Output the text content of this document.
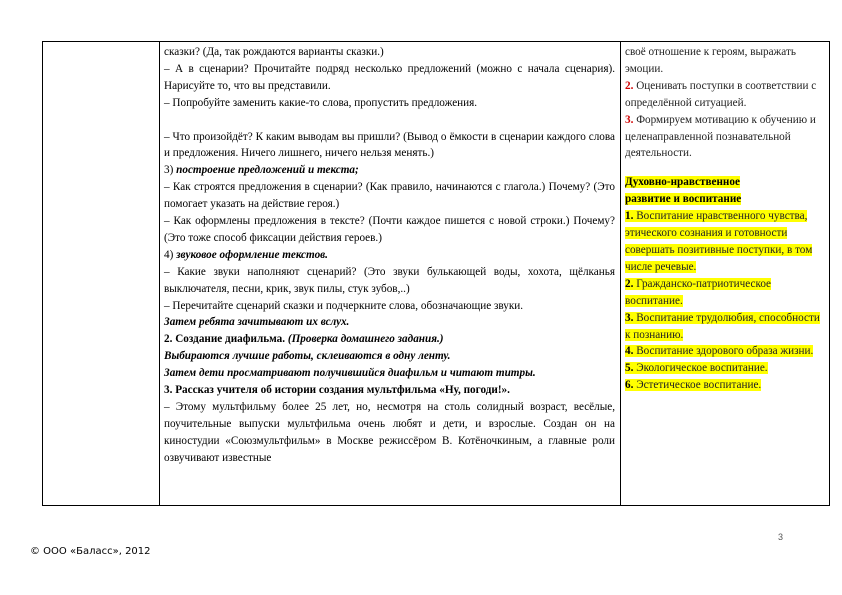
сказки? (Да, так рождаются варианты сказки.)

– А в сценарии? Прочитайте подряд несколько предложений (можно с начала сценария). Нарисуйте то, что вы представили.

– Попробуйте заменить какие-то слова, пропустить предложения.

– Что произойдёт? К каким выводам вы пришли? (Вывод о ёмкости в сценарии каждого слова и предложения. Ничего лишнего, ничего нельзя менять.)

3) построение предложений и текста;

– Как строятся предложения в сценарии? (Как правило, начинаются с глагола.) Почему? (Это помогает указать на действие героя.)

– Как оформлены предложения в тексте? (Почти каждое пишется с новой строки.) Почему? (Это тоже способ фиксации действия героев.)

4) звуковое оформление текстов.

– Какие звуки наполняют сценарий? (Это звуки булькающей воды, хохота, щёлканья выключателя, песни, крик, звук пилы, стук зубов,..)

– Перечитайте сценарий сказки и подчеркните слова, обозначающие звуки.

Затем ребята зачитывают их вслух.

2. Создание диафильма. (Проверка домашнего задания.)

Выбираются лучшие работы, склеиваются в одну ленту.

Затем дети просматривают получившийся диафильм и читают титры.

3. Рассказ учителя об истории создания мультфильма «Ну, погоди!».

– Этому мультфильму более 25 лет, но, несмотря на столь солидный возраст, весёлые, поучительные выпуски мультфильма очень любят и дети, и взрослые. Создан он на киностудии «Союзмультфильм» в Москве режиссёром В. Котёночкиным, а главные роли озвучивают известные

своё отношение к героям, выражать эмоции.

2. Оценивать поступки в соответствии с определённой ситуацией.

3. Формируем мотивацию к обучению и целенаправленной познавательной деятельности.

Духовно-нравственное
развитие и воспитание

1. Воспитание нравственного чувства, этического сознания и готовности совершать позитивные поступки, в том числе речевые.

2. Гражданско-патриотическое воспитание.

3. Воспитание трудолюбия, способности к познанию.

4. Воспитание здорового образа жизни.

5. Экологическое воспитание.

6. Эстетическое воспитание.

3
© ООО «Баласс», 2012
